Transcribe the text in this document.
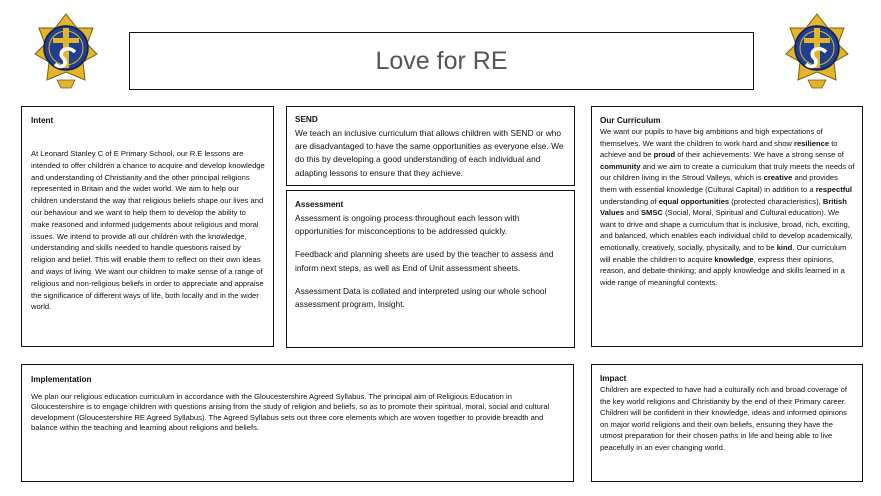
Love for RE

Intent

At Leonard Stanley C of E Primary School, our R.E lessons are intended to offer children a chance to acquire and develop knowledge and understanding of Christianity and the other principal religions represented in Britain and the wider world. We aim to help our children understand the way that religious beliefs shape our lives and our behaviour and we want to help them to develop the ability to make reasoned and informed judgements about religious and moral issues. We intend to provide all our children with the knowledge, understanding and skills needed to handle questions raised by religion and belief. This will enable them to reflect on their own ideas and ways of living. We want our children to make sense of a range of religious and non-religious beliefs in order to appreciate and appraise the significance of different ways of life, both locally and in the wider world.

SEND

We teach an inclusive curriculum that allows children with SEND or who are disadvantaged to have the same opportunities as everyone else. We do this by developing a good understanding of each individual and adapting lessons to ensure that they achieve.

Assessment

Assessment is ongoing process throughout each lesson with opportunities for misconceptions to be addressed quickly.

Feedback and planning sheets are used by the teacher to assess and inform next steps, as well as End of Unit assessment sheets.

Assessment Data is collated and interpreted using our whole school assessment program, Insight.

Our Curriculum

We want our pupils to have big ambitions and high expectations of themselves. We want the children to work hard and show resilience to achieve and be proud of their achievements. We have a strong sense of community and we aim to create a curriculum that truly meets the needs of our children living in the Stroud Valleys, which is creative and provides them with essential knowledge (Cultural Capital) in addition to a respectful understanding of equal opportunities (protected characteristics), British Values and SMSC (Social, Moral, Spiritual and Cultural education). We want to drive and shape a curriculum that is inclusive, broad, rich, exciting, and balanced, which enables each individual child to develop academically, emotionally, creatively, socially, physically, and to be kind. Our curriculum will enable the children to acquire knowledge, express their opinions, reason, and debate-thinking; and apply knowledge and skills learned in a wide range of meaningful contexts.

Implementation

We plan our religious education curriculum in accordance with the Gloucestershire Agreed Syllabus. The principal aim of Religious Education in Gloucestershire is to engage children with questions arising from the study of religion and beliefs, so as to promote their spiritual, moral, social and cultural development (Gloucestershire RE Agreed Syllabus). The Agreed Syllabus sets out three core elements which are woven together to provide breadth and balance within the teaching and learning about religions and beliefs.

Impact

Children are expected to have had a culturally rich and broad coverage of the key world religions and Christianity by the end of their Primary career. Children will be confident in their knowledge, ideas and informed opinions on major world religions and their own beliefs, ensuring they have the utmost preparation for their chosen paths in life and being able to live peacefully in an ever changing world.
